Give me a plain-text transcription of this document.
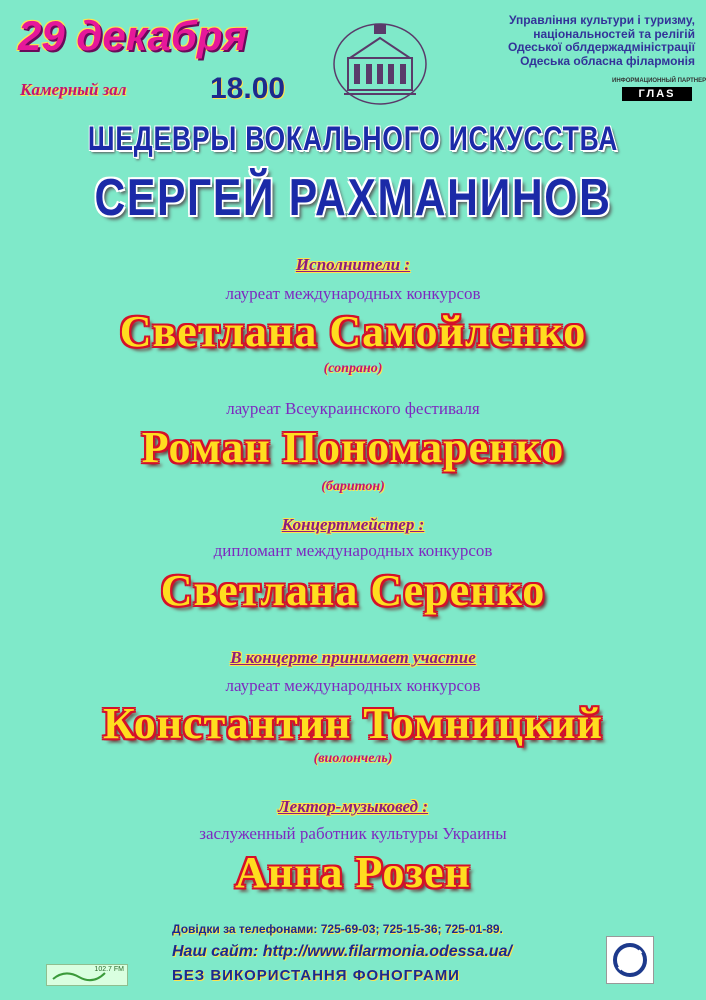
29 декабря
Камерный зал	18.00
Управління культури і туризму,
національностей та релігій
Одеської облдержадміністрації
Одеська обласна філармонія
ИНФОРМАЦИОННЫЙ ПАРТНЕР
ГЛАS
ШЕДЕВРЫ ВОКАЛЬНОГО ИСКУССТВА
СЕРГЕЙ РАХМАНИНОВ
Исполнители :
лауреат международных конкурсов
Светлана Самойленко
(сопрано)
лауреат Всеукраинского фестиваля
Роман Пономаренко
(баритон)
Концертмейстер :
дипломант международных конкурсов
Светлана Серенко
В концерте принимает участие
лауреат международных конкурсов
Константин Томницкий
(виолончель)
Лектор-музыковед :
заслуженный работник культуры Украины
Анна Розен
102.7 FM
Довідки за телефонами: 725-69-03; 725-15-36; 725-01-89.
Наш сайт: http://www.filarmonia.odessa.ua/
БЕЗ ВИКОРИСТАННЯ ФОНОГРАМИ
